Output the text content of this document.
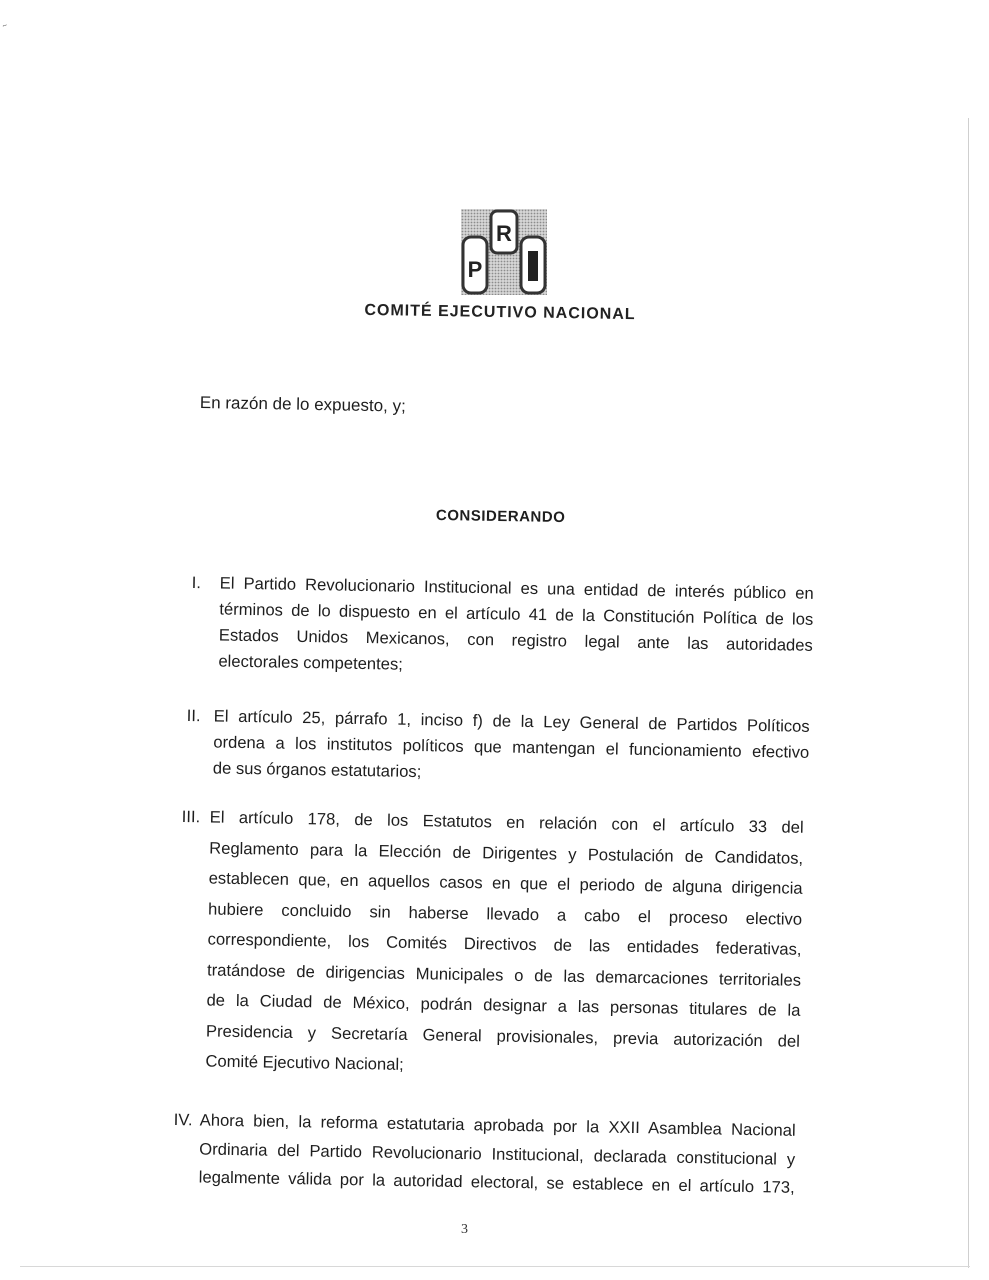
˜
P
R
COMITÉ EJECUTIVO NACIONAL
En razón de lo expuesto, y;
CONSIDERANDO
I. El Partido Revolucionario Institucional es una entidad de interés público en
términos de lo dispuesto en el artículo 41 de la Constitución Política de los
Estados Unidos Mexicanos, con registro legal ante las autoridades
electorales competentes;
II. El artículo 25, párrafo 1, inciso f) de la Ley General de Partidos Políticos
ordena a los institutos políticos que mantengan el funcionamiento efectivo
de sus órganos estatutarios;
III. El artículo 178, de los Estatutos en relación con el artículo 33 del
Reglamento para la Elección de Dirigentes y Postulación de Candidatos,
establecen que, en aquellos casos en que el periodo de alguna dirigencia
hubiere concluido sin haberse llevado a cabo el proceso electivo
correspondiente, los Comités Directivos de las entidades federativas,
tratándose de dirigencias Municipales o de las demarcaciones territoriales
de la Ciudad de México, podrán designar a las personas titulares de la
Presidencia y Secretaría General provisionales, previa autorización del
Comité Ejecutivo Nacional;
IV. Ahora bien, la reforma estatutaria aprobada por la XXII Asamblea Nacional
Ordinaria del Partido Revolucionario Institucional, declarada constitucional y
legalmente válida por la autoridad electoral, se establece en el artículo 173,
3
